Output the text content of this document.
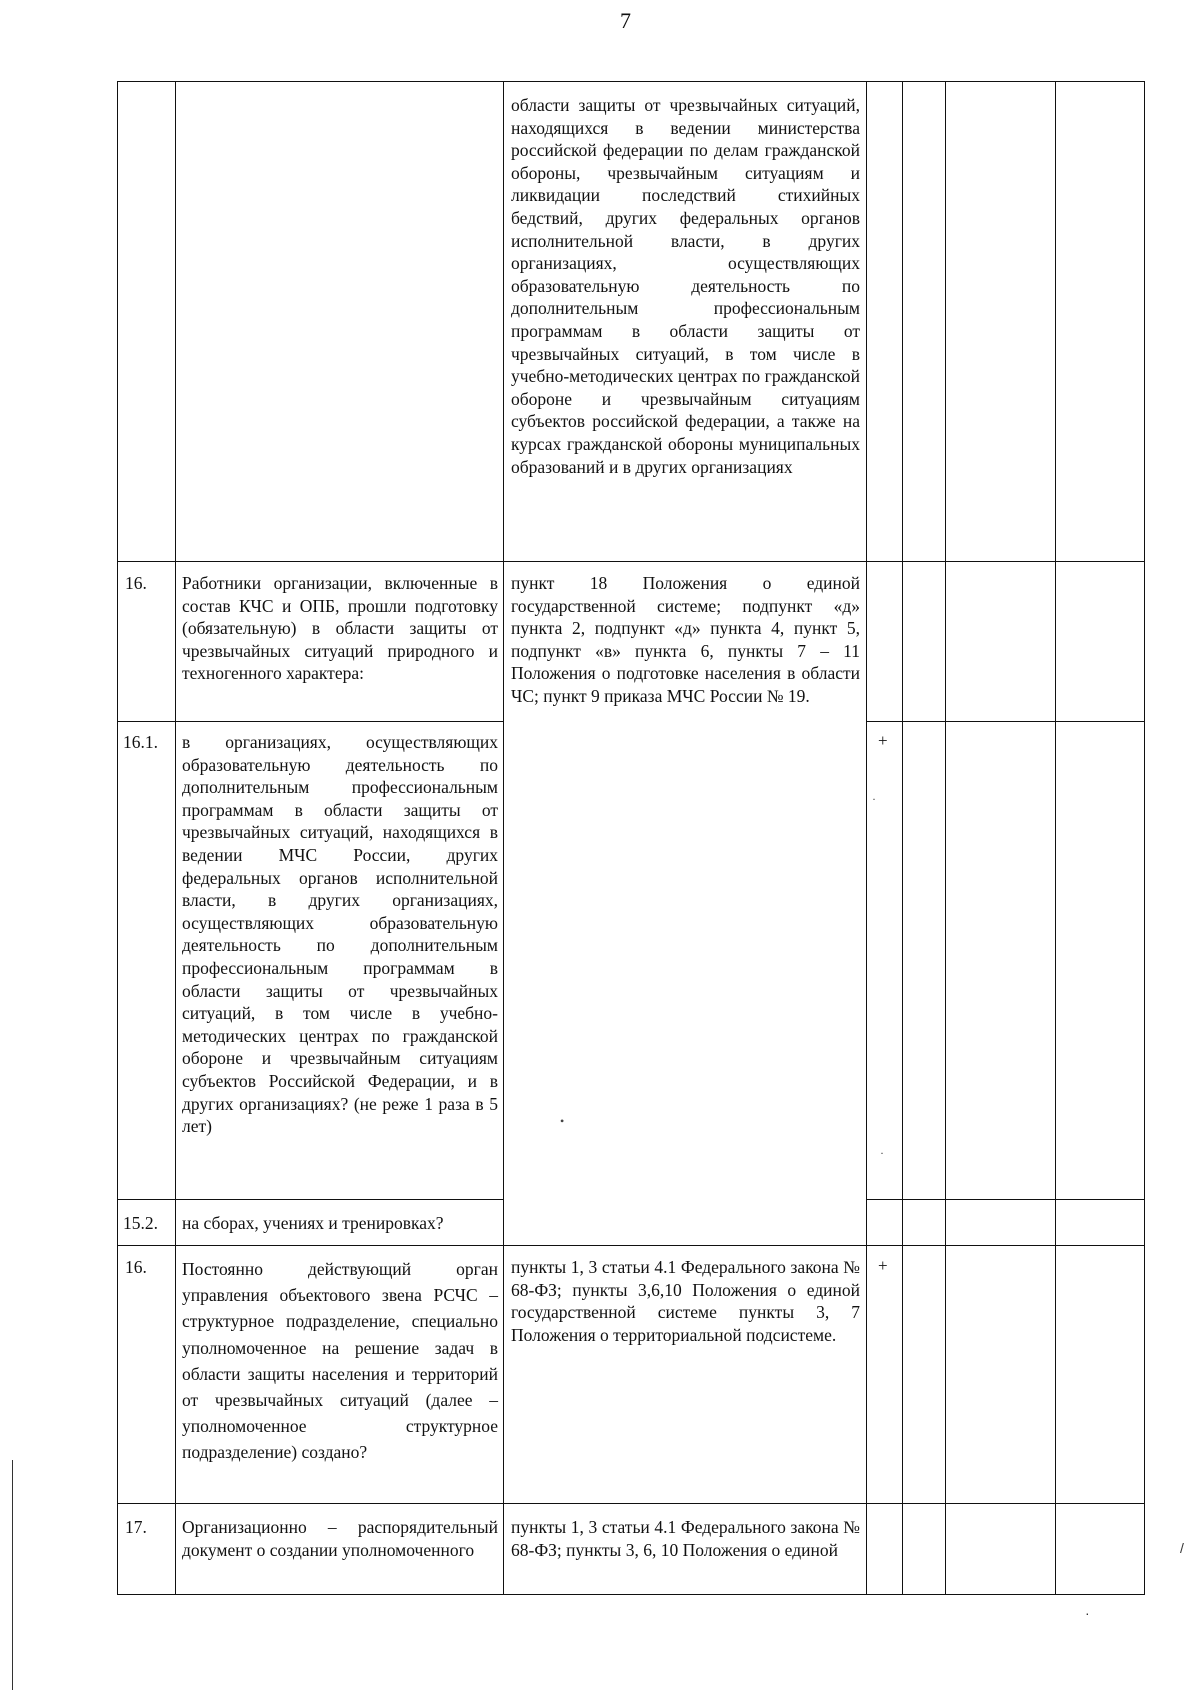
7
/
·
области защиты от чрезвычайных ситуаций, находящихся в ведении министерства российской федерации по делам гражданской обороны, чрезвычайным ситуациям и ликвидации последствий стихийных бедствий, других федеральных органов исполнительной власти, в других организациях, осуществляющих образовательную деятельность по дополнительным профессиональным программам в области защиты от чрезвычайных ситуаций, в том числе в учебно-методических центрах по гражданской обороне и чрезвычайным ситуациям субъектов российской федерации, а также на курсах гражданской обороны муниципальных образований и в других организациях
16. Работники организации, включенные в состав КЧС и ОПБ, прошли подготовку (обязательную) в области защиты от чрезвычайных ситуаций природного и техногенного характера:
пункт 18 Положения о единой государственной системе; подпункт «д» пункта 2, подпункт «д» пункта 4, пункт 5, подпункт «в» пункта 6, пункты 7 – 11 Положения о подготовке населения в области ЧС; пункт 9 приказа МЧС России № 19.
16.1. в организациях, осуществляющих образовательную деятельность по дополнительным профессиональным программам в области защиты от чрезвычайных ситуаций, находящихся в ведении МЧС России, других федеральных органов исполнительной власти, в других организациях, осуществляющих образовательную деятельность по дополнительным профессиональным программам в области защиты от чрезвычайных ситуаций, в том числе в учебно-методических центрах по гражданской обороне и чрезвычайным ситуациям субъектов Российской Федерации, и в других организациях? (не реже 1 раза в 5 лет)
+
·
•
·
15.2. на сборах, учениях и тренировках?
16. Постоянно действующий орган управления объектового звена РСЧС – структурное подразделение, специально уполномоченное на решение задач в области защиты населения и территорий от чрезвычайных ситуаций (далее – уполномоченное структурное подразделение) создано?
пункты 1, 3 статьи 4.1 Федерального закона № 68-ФЗ; пункты 3,6,10 Положения о единой государственной системе пункты 3, 7 Положения о территориальной подсистеме.
+
17. Организационно – распорядительный документ о создании уполномоченного
пункты 1, 3 статьи 4.1 Федерального закона № 68-ФЗ; пункты 3, 6, 10 Положения о единой
